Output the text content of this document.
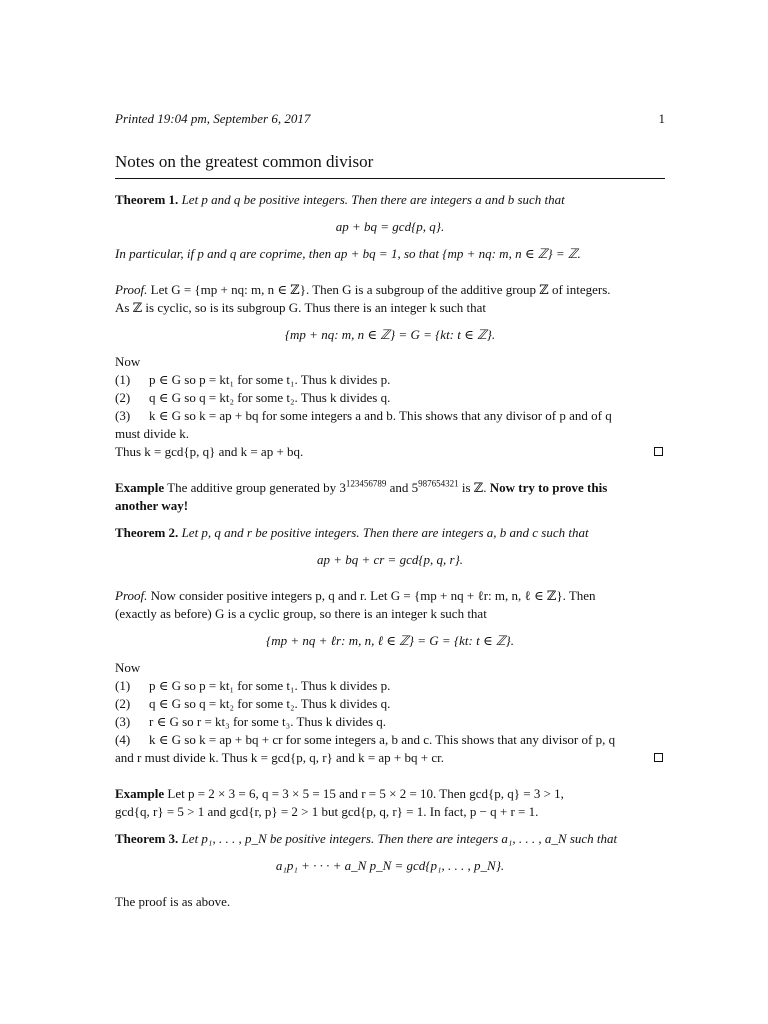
Printed 19:04 pm, September 6, 2017	1
Notes on the greatest common divisor

Theorem 1. Let p and q be positive integers. Then there are integers a and b such that

ap + bq = gcd{p, q}.

In particular, if p and q are coprime, then ap + bq = 1, so that {mp + nq: m, n ∈ ℤ} = ℤ.

Proof. Let G = {mp + nq: m, n ∈ ℤ}. Then G is a subgroup of the additive group ℤ of integers.

As ℤ is cyclic, so is its subgroup G. Thus there is an integer k such that

{mp + nq: m, n ∈ ℤ} = G = {kt: t ∈ ℤ}.

Now

(1) p ∈ G so p = kt₁ for some t₁. Thus k divides p.
(2) q ∈ G so q = kt₂ for some t₂. Thus k divides q.
(3) k ∈ G so k = ap + bq for some integers a and b. This shows that any divisor of p and of q

must divide k.

Thus k = gcd{p, q} and k = ap + bq.

Example The additive group generated by $3^{123456789}$ and $5^{987654321}$ is ℤ. Now try to prove this

another way!

Theorem 2. Let p, q and r be positive integers. Then there are integers a, b and c such that

ap + bq + cr = gcd{p, q, r}.

Proof. Now consider positive integers p, q and r. Let G = {mp + nq + ℓr: m, n, ℓ ∈ ℤ}. Then

(exactly as before) G is a cyclic group, so there is an integer k such that

{mp + nq + ℓr: m, n, ℓ ∈ ℤ} = G = {kt: t ∈ ℤ}.

Now

(1) p ∈ G so p = kt₁ for some t₁. Thus k divides p.
(2) q ∈ G so q = kt₂ for some t₂. Thus k divides q.
(3) r ∈ G so r = kt₃ for some t₃. Thus k divides q.
(4) k ∈ G so k = ap + bq + cr for some integers a, b and c. This shows that any divisor of p, q
and r must divide k. Thus k = gcd{p, q, r} and k = ap + bq + cr.

Example Let p = 2 × 3 = 6, q = 3 × 5 = 15 and r = 5 × 2 = 10. Then gcd{p, q} = 3 > 1,

gcd{q, r} = 5 > 1 and gcd{r, p} = 2 > 1 but gcd{p, q, r} = 1. In fact, p − q + r = 1.

Theorem 3. Let p₁, . . . , p_N be positive integers. Then there are integers a₁, . . . , a_N such that

a₁p₁ + · · · + a_N p_N = gcd{p₁, . . . , p_N}.

The proof is as above.
